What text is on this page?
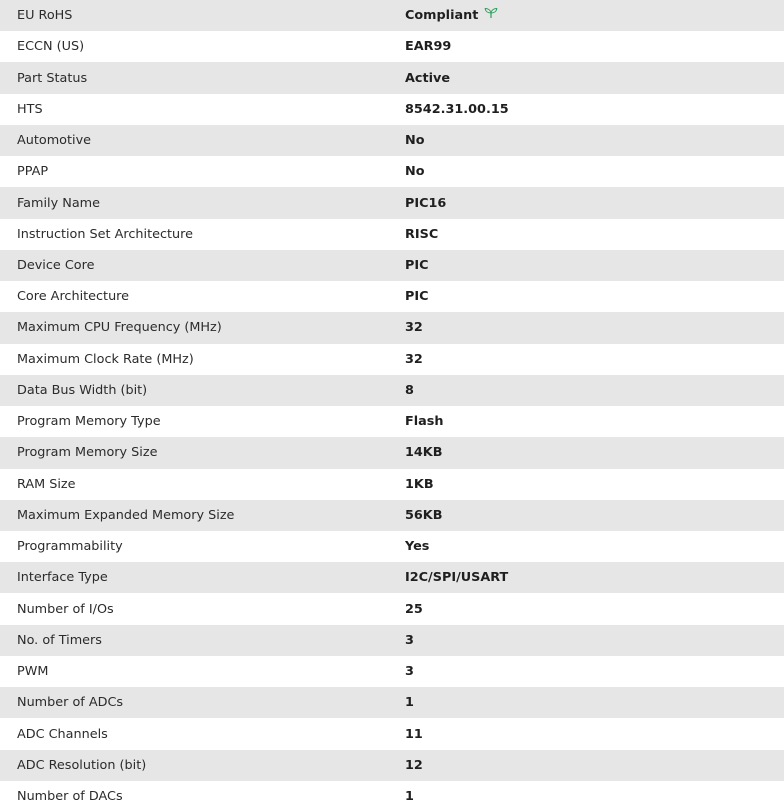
EU RoHS	Compliant
ECCN (US)	EAR99
Part Status	Active
HTS	8542.31.00.15
Automotive	No
PPAP	No
Family Name	PIC16
Instruction Set Architecture	RISC
Device Core	PIC
Core Architecture	PIC
Maximum CPU Frequency (MHz)	32
Maximum Clock Rate (MHz)	32
Data Bus Width (bit)	8
Program Memory Type	Flash
Program Memory Size	14KB
RAM Size	1KB
Maximum Expanded Memory Size	56KB
Programmability	Yes
Interface Type	I2C/SPI/USART
Number of I/Os	25
No. of Timers	3
PWM	3
Number of ADCs	1
ADC Channels	11
ADC Resolution (bit)	12
Number of DACs	1
